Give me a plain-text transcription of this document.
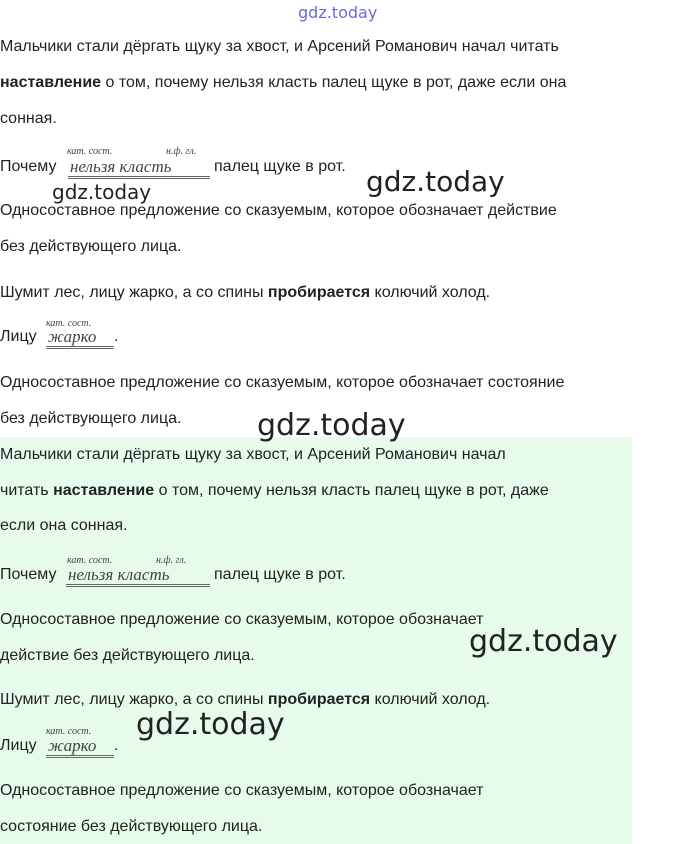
gdz.today
Мальчики стали дёргать щуку за хвост, и Арсений Романович начал читать
наставление о том, почему нельзя класть палец щуке в рот, даже если она
сонная.
Почему
кат. сост.	н.ф. гл.
нельзя класть	палец щуке в рот.
Односоставное предложение со сказуемым, которое обозначает действие
без действующего лица.
Шумит лес, лицу жарко, а со спины пробирается колючий холод.
Лицу
кат. сост.
жарко	.
Односоставное предложение со сказуемым, которое обозначает состояние
без действующего лица.
Мальчики стали дёргать щуку за хвост, и Арсений Романович начал
читать наставление о том, почему нельзя класть палец щуке в рот, даже
если она сонная.
Почему
кат. сост.	н.ф. гл.
нельзя класть	палец щуке в рот.
Односоставное предложение со сказуемым, которое обозначает
действие без действующего лица.
Шумит лес, лицу жарко, а со спины пробирается колючий холод.
Лицу
кат. сост.
жарко	.
Односоставное предложение со сказуемым, которое обозначает
состояние без действующего лица.
gdz.today	gdz.today
gdz.today
gdz.today
gdz.today
